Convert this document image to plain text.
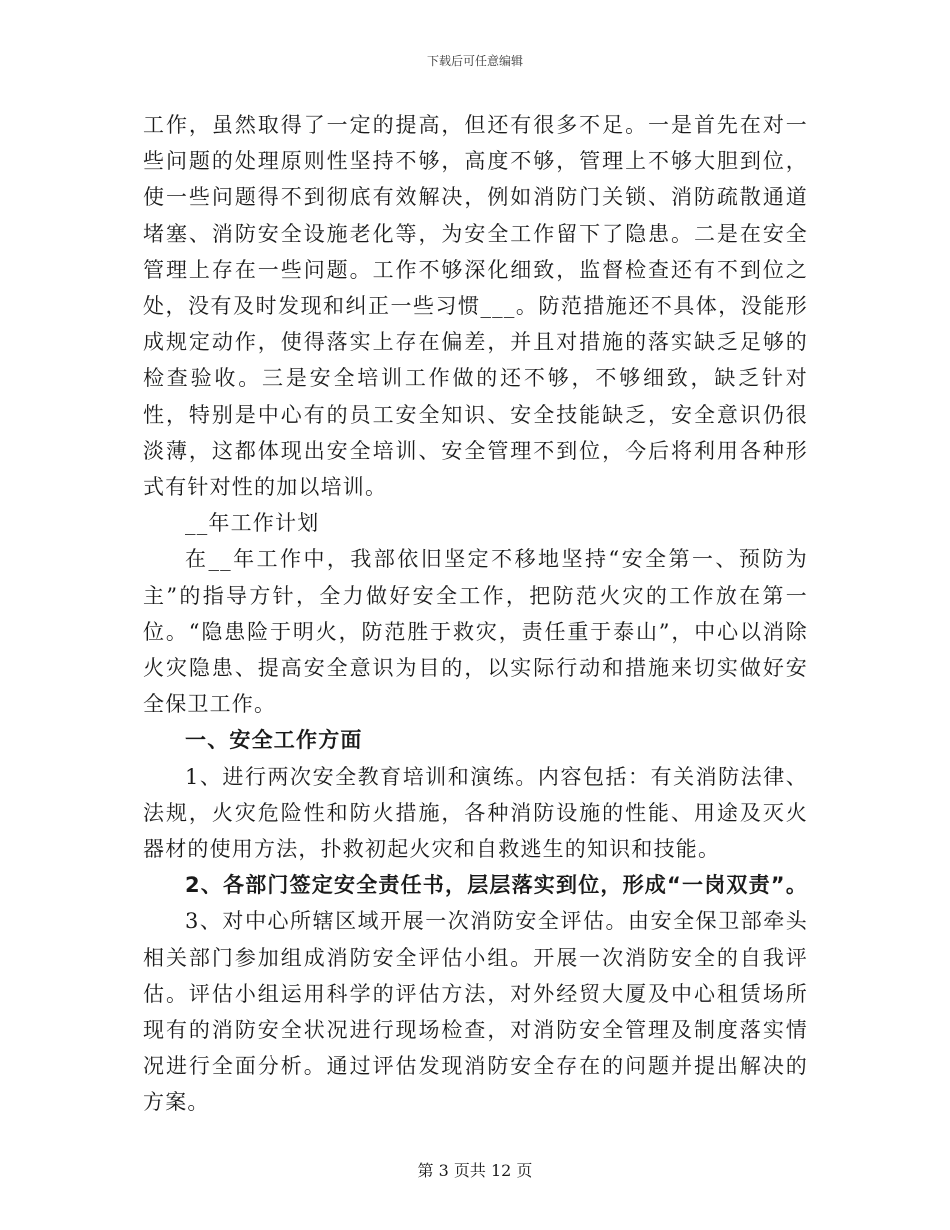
下载后可任意编辑

工作，虽然取得了一定的提高，但还有很多不足。一是首先在对一些问题的处理原则性坚持不够，高度不够，管理上不够大胆到位，使一些问题得不到彻底有效解决，例如消防门关锁、消防疏散通道堵塞、消防安全设施老化等，为安全工作留下了隐患。二是在安全管理上存在一些问题。工作不够深化细致，监督检查还有不到位之处，没有及时发现和纠正一些习惯___。防范措施还不具体，没能形成规定动作，使得落实上存在偏差，并且对措施的落实缺乏足够的检查验收。三是安全培训工作做的还不够，不够细致，缺乏针对性，特别是中心有的员工安全知识、安全技能缺乏，安全意识仍很淡薄，这都体现出安全培训、安全管理不到位，今后将利用各种形式有针对性的加以培训。

__年工作计划

在__年工作中，我部依旧坚定不移地坚持“安全第一、预防为主”的指导方针，全力做好安全工作，把防范火灾的工作放在第一位。“隐患险于明火，防范胜于救灾，责任重于泰山”，中心以消除火灾隐患、提高安全意识为目的，以实际行动和措施来切实做好安全保卫工作。

一、安全工作方面

1、进行两次安全教育培训和演练。内容包括：有关消防法律、法规，火灾危险性和防火措施，各种消防设施的性能、用途及灭火器材的使用方法，扑救初起火灾和自救逃生的知识和技能。

2、各部门签定安全责任书，层层落实到位，形成“一岗双责”。

3、对中心所辖区域开展一次消防安全评估。由安全保卫部牵头相关部门参加组成消防安全评估小组。开展一次消防安全的自我评估。评估小组运用科学的评估方法，对外经贸大厦及中心租赁场所现有的消防安全状况进行现场检查，对消防安全管理及制度落实情况进行全面分析。通过评估发现消防安全存在的问题并提出解决的方案。

第 3 页共 12 页
